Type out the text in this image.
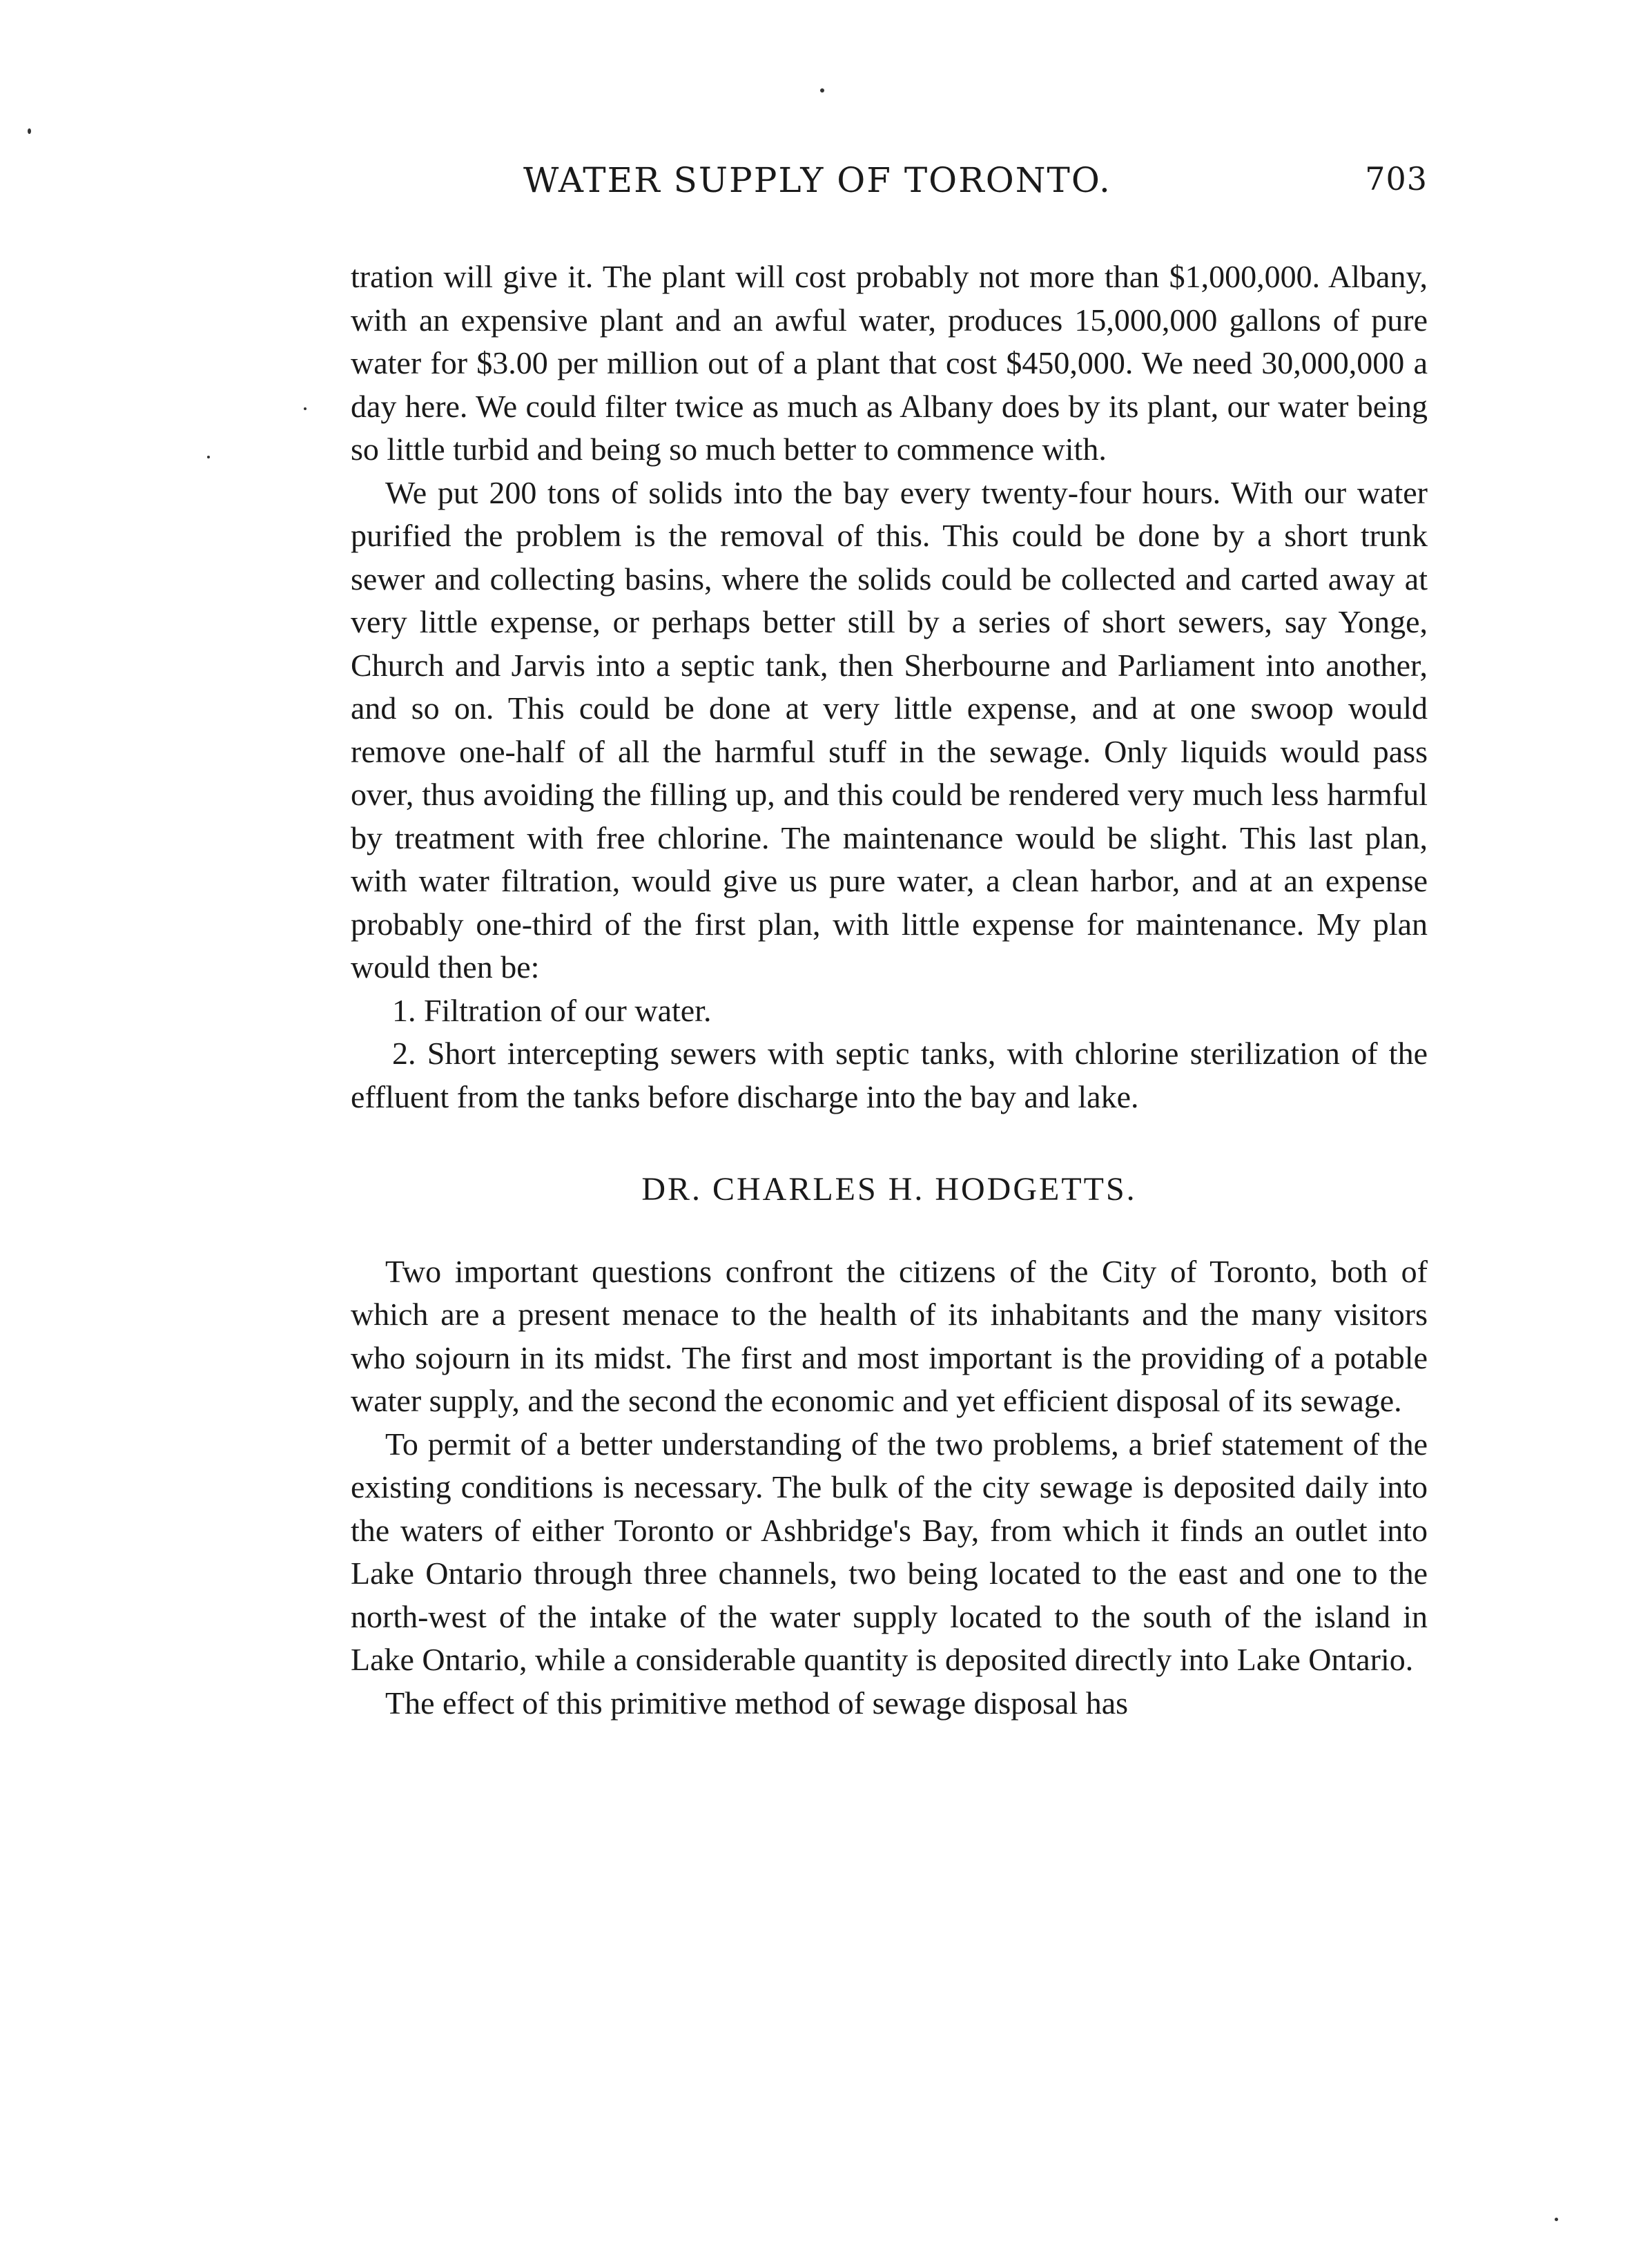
WATER SUPPLY OF TORONTO.	703

tration will give it. The plant will cost probably not more than $1,000,000. Albany, with an expensive plant and an awful water, produces 15,000,000 gallons of pure water for $3.00 per million out of a plant that cost $450,000. We need 30,000,000 a day here. We could filter twice as much as Albany does by its plant, our water being so little turbid and being so much better to commence with.

We put 200 tons of solids into the bay every twenty-four hours. With our water purified the problem is the removal of this. This could be done by a short trunk sewer and collecting basins, where the solids could be collected and carted away at very little expense, or perhaps better still by a series of short sewers, say Yonge, Church and Jarvis into a septic tank, then Sherbourne and Parliament into another, and so on. This could be done at very little expense, and at one swoop would remove one-half of all the harmful stuff in the sewage. Only liquids would pass over, thus avoiding the filling up, and this could be rendered very much less harmful by treatment with free chlorine. The maintenance would be slight. This last plan, with water filtration, would give us pure water, a clean harbor, and at an expense probably one-third of the first plan, with little expense for maintenance. My plan would then be:

1. Filtration of our water.

2. Short intercepting sewers with septic tanks, with chlorine sterilization of the effluent from the tanks before discharge into the bay and lake.

DR. CHARLES H. HODGETTS.

Two important questions confront the citizens of the City of Toronto, both of which are a present menace to the health of its inhabitants and the many visitors who sojourn in its midst. The first and most important is the providing of a potable water supply, and the second the economic and yet efficient disposal of its sewage.

To permit of a better understanding of the two problems, a brief statement of the existing conditions is necessary. The bulk of the city sewage is deposited daily into the waters of either Toronto or Ashbridge's Bay, from which it finds an outlet into Lake Ontario through three channels, two being located to the east and one to the north-west of the intake of the water supply located to the south of the island in Lake Ontario, while a considerable quantity is deposited directly into Lake Ontario.

The effect of this primitive method of sewage disposal has
